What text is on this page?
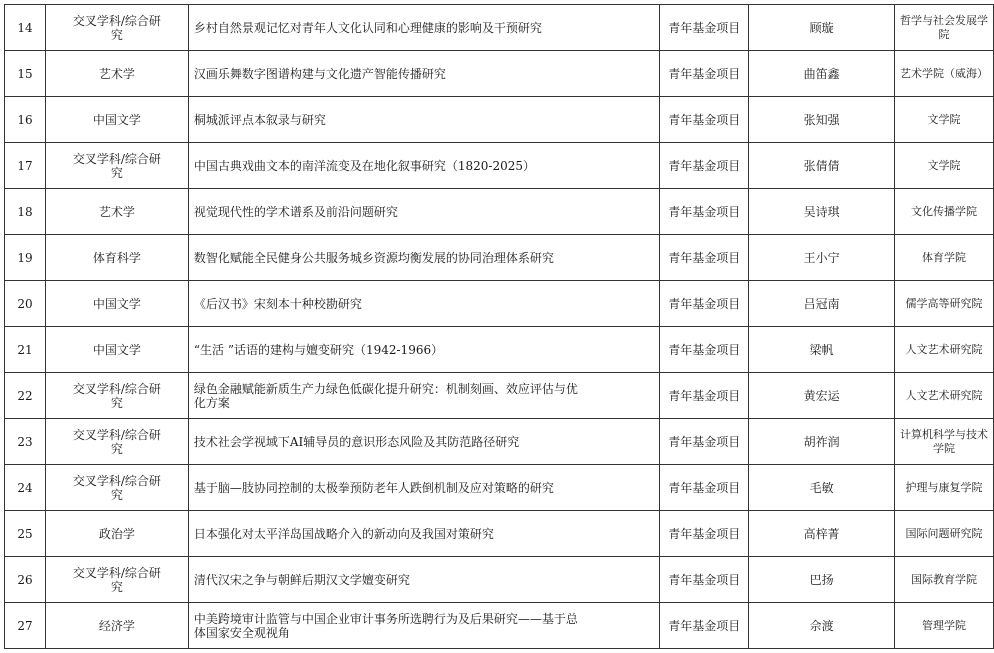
14	交叉学科/综合研究	乡村自然景观记忆对青年人文化认同和心理健康的影响及干预研究	青年基金项目	顾璇	哲学与社会发展学院
15	艺术学	汉画乐舞数字图谱构建与文化遗产智能传播研究	青年基金项目	曲笛鑫	艺术学院（威海）
16	中国文学	桐城派评点本叙录与研究	青年基金项目	张知强	文学院
17	交叉学科/综合研究	中国古典戏曲文本的南洋流变及在地化叙事研究（1820-2025）	青年基金项目	张倩倩	文学院
18	艺术学	视觉现代性的学术谱系及前沿问题研究	青年基金项目	吴诗琪	文化传播学院
19	体育科学	数智化赋能全民健身公共服务城乡资源均衡发展的协同治理体系研究	青年基金项目	王小宁	体育学院
20	中国文学	《后汉书》宋刻本十种校勘研究	青年基金项目	吕冠南	儒学高等研究院
21	中国文学	“生活 ”话语的建构与嬗变研究（1942-1966）	青年基金项目	梁帆	人文艺术研究院
22	交叉学科/综合研究	绿色金融赋能新质生产力绿色低碳化提升研究：机制刻画、效应评估与优化方案	青年基金项目	黄宏运	人文艺术研究院
23	交叉学科/综合研究	技术社会学视域下AI辅导员的意识形态风险及其防范路径研究	青年基金项目	胡祚润	计算机科学与技术学院
24	交叉学科/综合研究	基于脑—肢协同控制的太极拳预防老年人跌倒机制及应对策略的研究	青年基金项目	毛敏	护理与康复学院
25	政治学	日本强化对太平洋岛国战略介入的新动向及我国对策研究	青年基金项目	高梓菁	国际问题研究院
26	交叉学科/综合研究	清代汉宋之争与朝鲜后期汉文学嬗变研究	青年基金项目	巴扬	国际教育学院
27	经济学	中美跨境审计监管与中国企业审计事务所选聘行为及后果研究——基于总体国家安全观视角	青年基金项目	佘渡	管理学院
